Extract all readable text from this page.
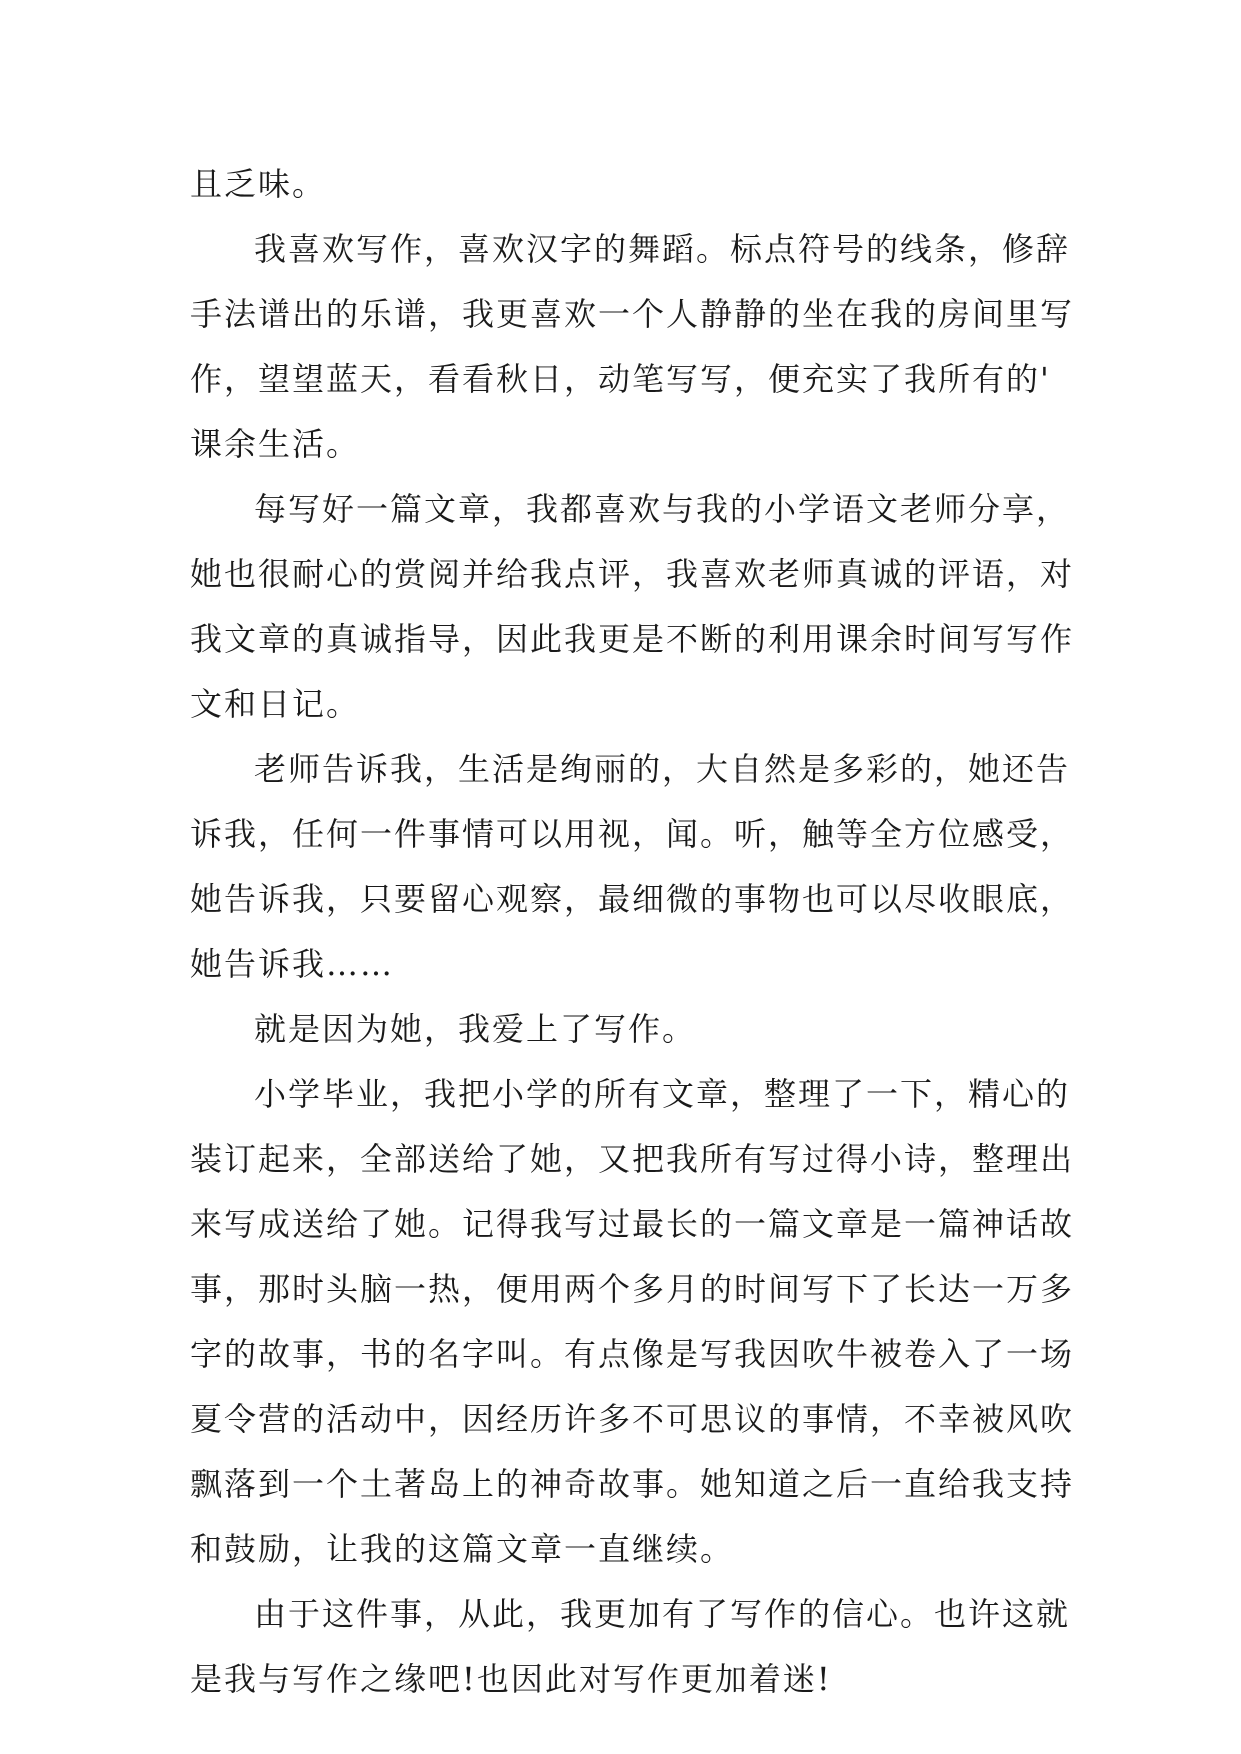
且乏味。

我喜欢写作，喜欢汉字的舞蹈。标点符号的线条，修辞

手法谱出的乐谱，我更喜欢一个人静静的坐在我的房间里写

作，望望蓝天，看看秋日，动笔写写，便充实了我所有的'

课余生活。

每写好一篇文章，我都喜欢与我的小学语文老师分享，

她也很耐心的赏阅并给我点评，我喜欢老师真诚的评语，对

我文章的真诚指导，因此我更是不断的利用课余时间写写作

文和日记。

老师告诉我，生活是绚丽的，大自然是多彩的，她还告

诉我，任何一件事情可以用视，闻。听，触等全方位感受，

她告诉我，只要留心观察，最细微的事物也可以尽收眼底，

她告诉我……

就是因为她，我爱上了写作。

小学毕业，我把小学的所有文章，整理了一下，精心的

装订起来，全部送给了她，又把我所有写过得小诗，整理出

来写成送给了她。记得我写过最长的一篇文章是一篇神话故

事，那时头脑一热，便用两个多月的时间写下了长达一万多

字的故事，书的名字叫。有点像是写我因吹牛被卷入了一场

夏令营的活动中，因经历许多不可思议的事情，不幸被风吹

飘落到一个土著岛上的神奇故事。她知道之后一直给我支持

和鼓励，让我的这篇文章一直继续。

由于这件事，从此，我更加有了写作的信心。也许这就

是我与写作之缘吧!也因此对写作更加着迷!
